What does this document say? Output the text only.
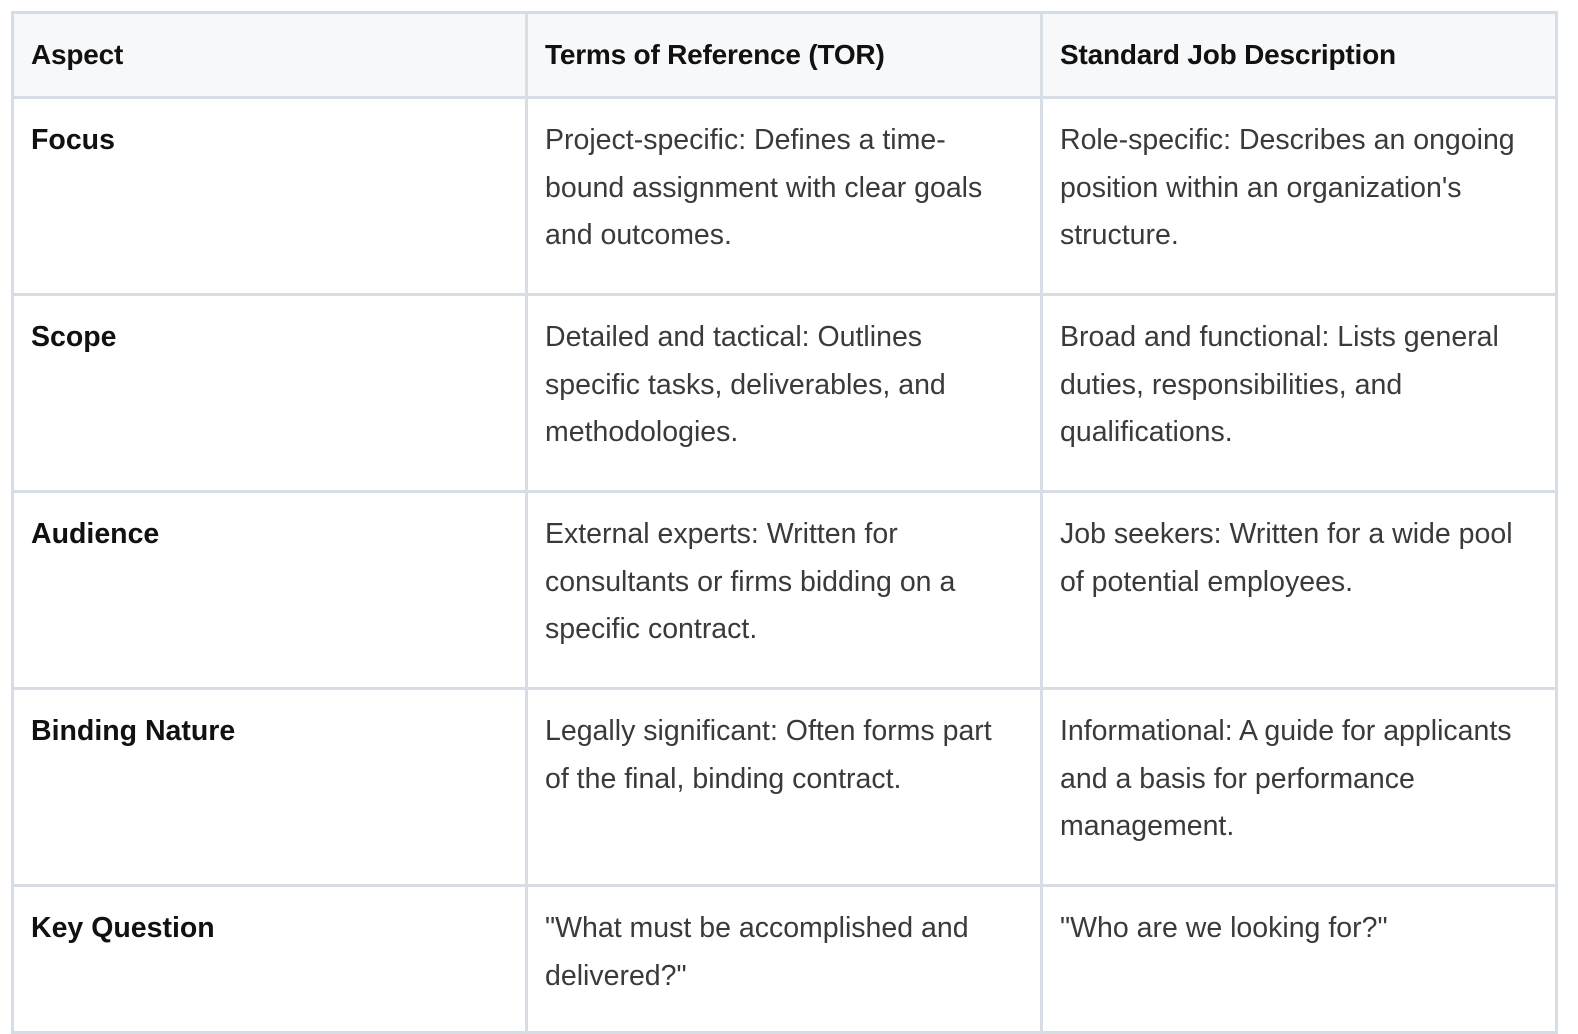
Aspect	Terms of Reference (TOR)	Standard Job Description

Focus	Project-specific: Defines a time-bound assignment with clear goals and outcomes.	Role-specific: Describes an ongoing position within an organization's structure.

Scope	Detailed and tactical: Outlines specific tasks, deliverables, and methodologies.	Broad and functional: Lists general duties, responsibilities, and qualifications.

Audience	External experts: Written for consultants or firms bidding on a specific contract.	Job seekers: Written for a wide pool of potential employees.

Binding Nature	Legally significant: Often forms part of the final, binding contract.	Informational: A guide for applicants and a basis for performance management.

Key Question	"What must be accomplished and delivered?"	"Who are we looking for?"
